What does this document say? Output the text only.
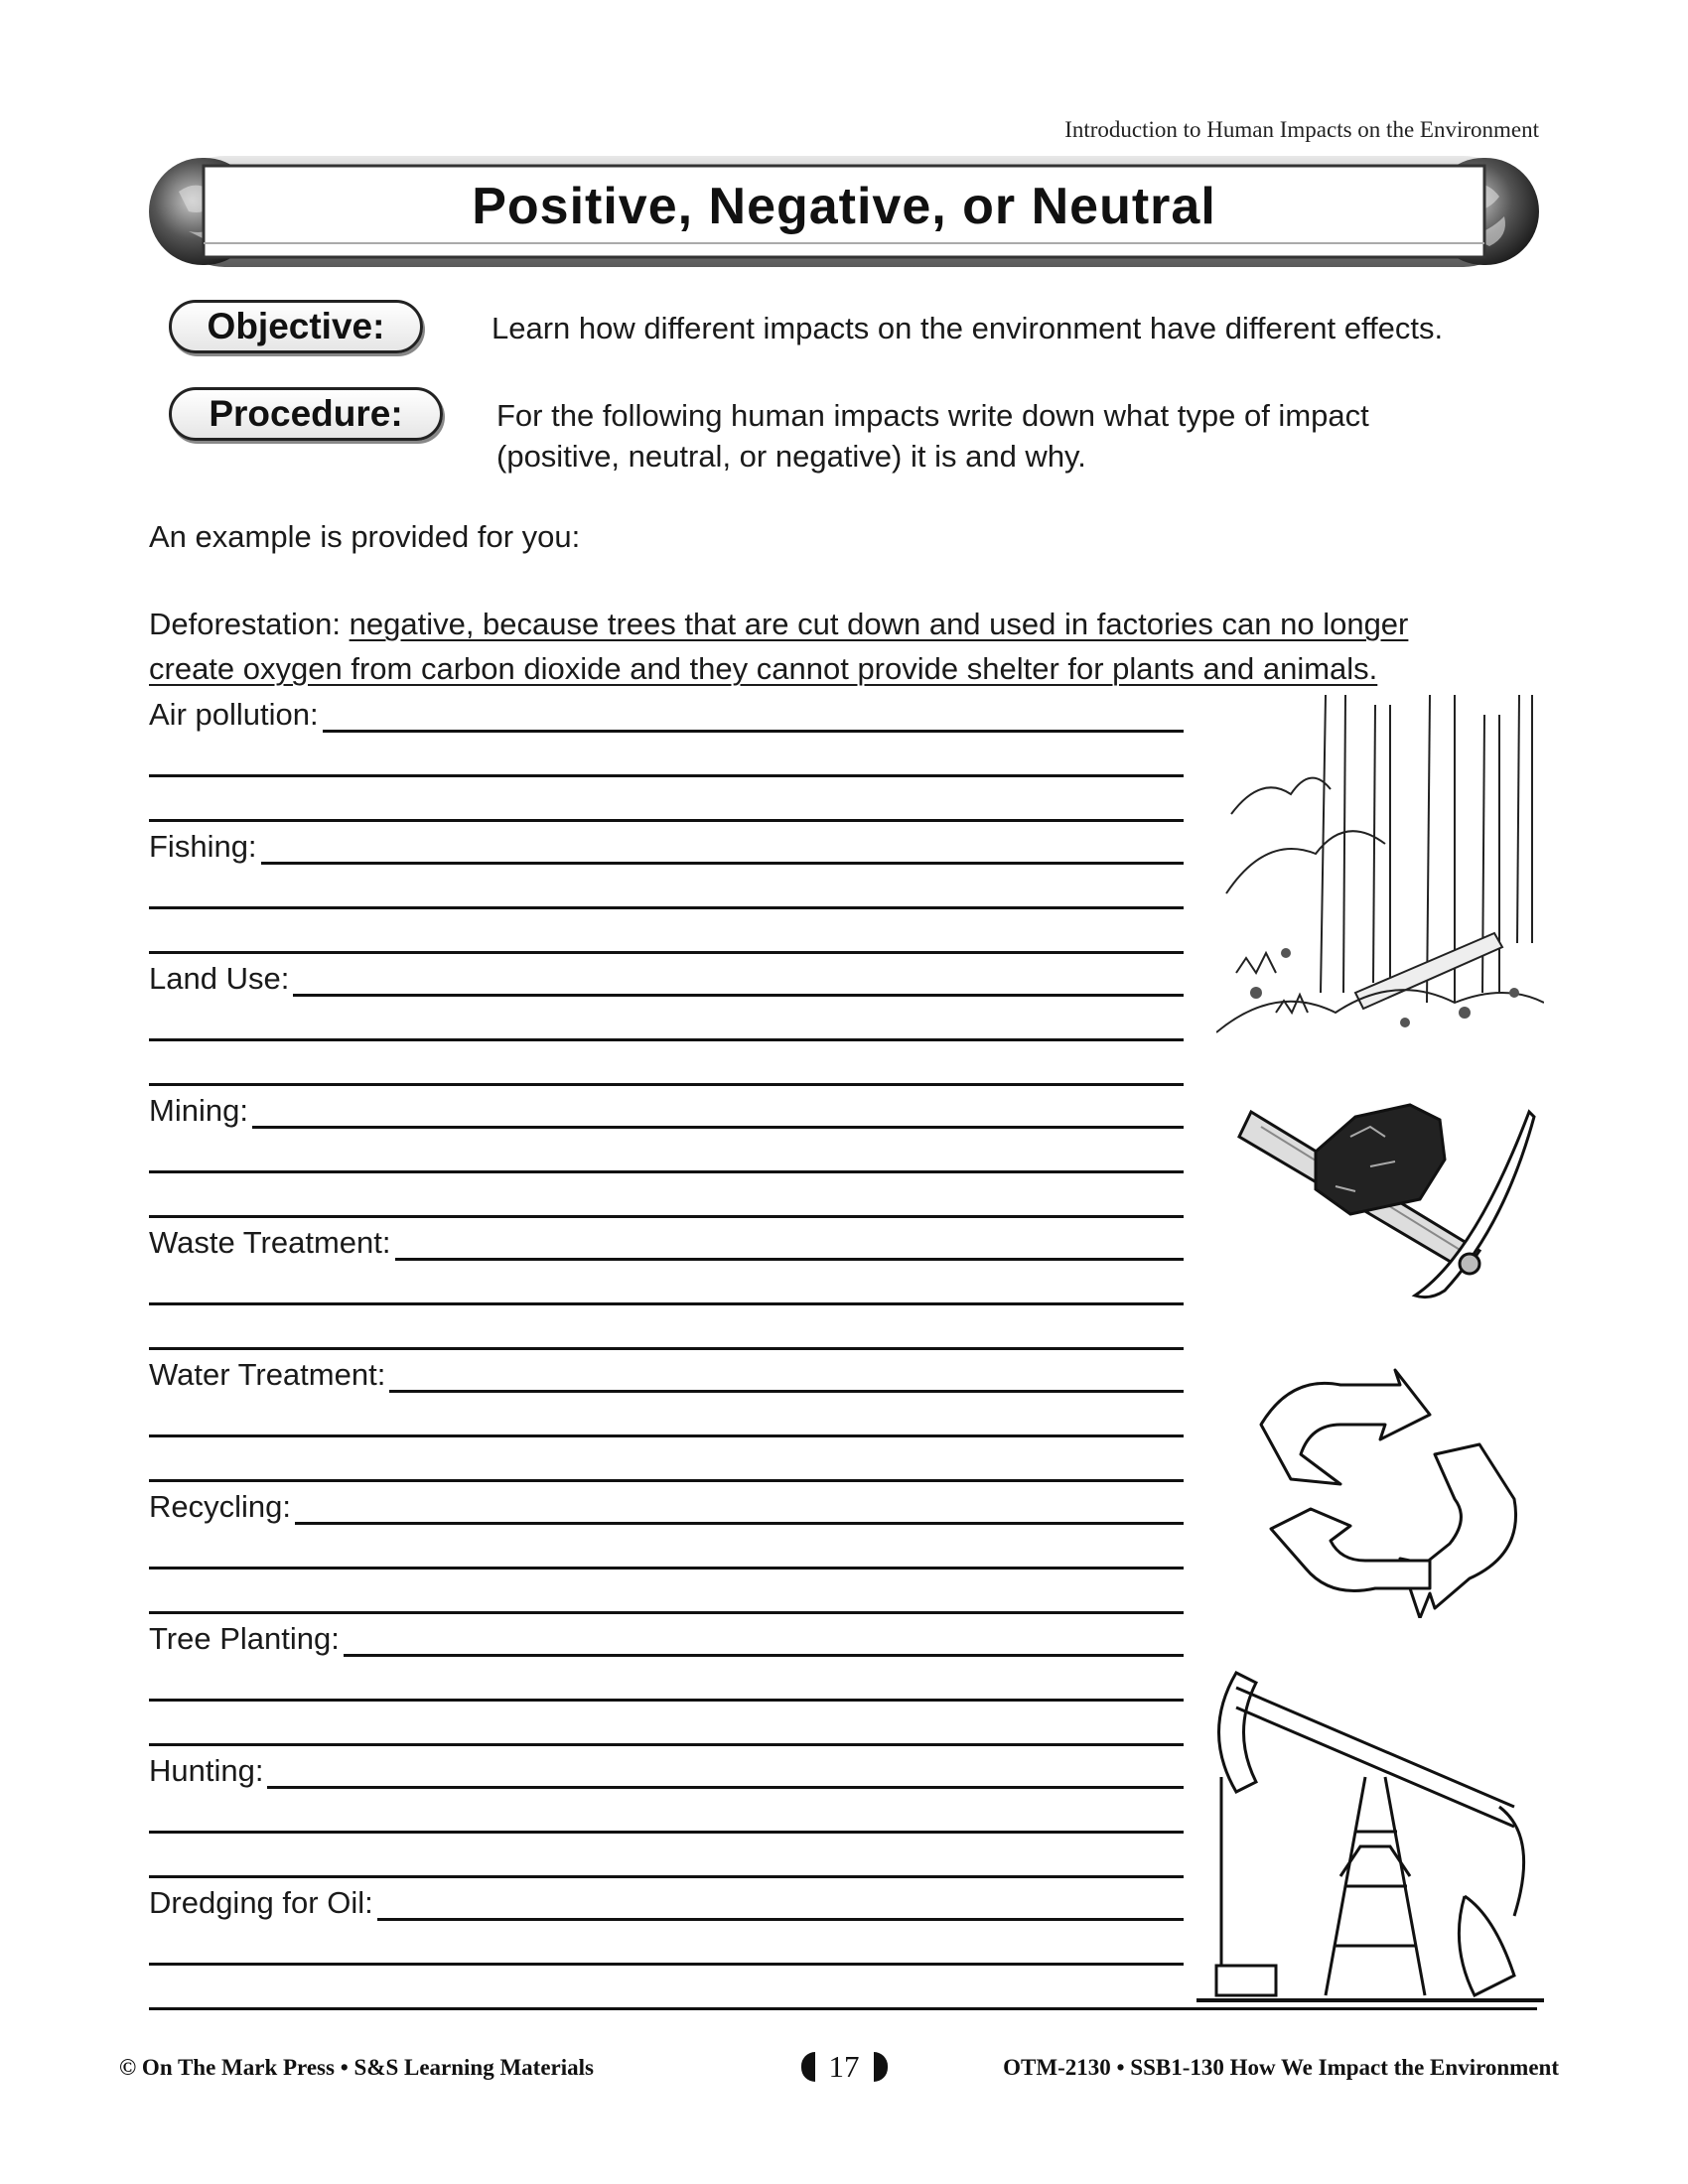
Introduction to Human Impacts on the Environment
Positive, Negative, or Neutral
Objective:	Learn how different impacts on the environment have different effects.
Procedure:	For the following human impacts write down what type of impact
(positive, neutral, or negative) it is and why.
An example is provided for you:
Deforestation: negative, because trees that are cut down and used in factories can no longer
create oxygen from carbon dioxide and they cannot provide shelter for plants and animals.
Air pollution:
Fishing:
Land Use:
Mining:
Waste Treatment:
Water Treatment:
Recycling:
Tree Planting:
Hunting:
Dredging for Oil:
© On The Mark Press • S&S Learning Materials	17	OTM-2130 • SSB1-130 How We Impact the Environment
